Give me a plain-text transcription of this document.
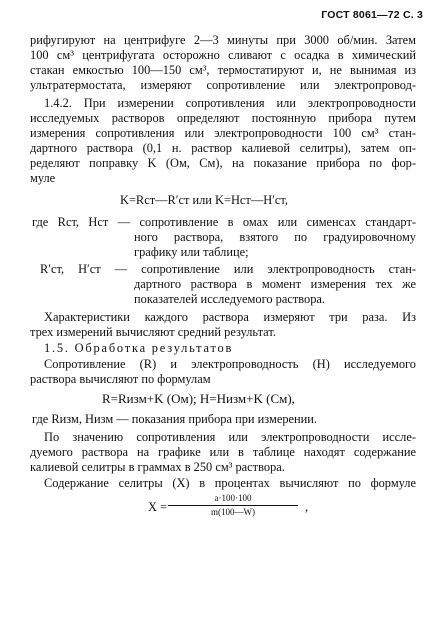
ГОСТ 8061—72 С. 3
рифугируют на центрифуге 2—3 минуты при 3000 об/мин. Затем
100 см³ центрифугата осторожно сливают с осадка в химический
стакан емкостью 100—150 см³, термостатируют и, не вынимая из
ультратермостата, измеряют сопротивление или электропровод-
1.4.2. При измерении сопротивления или электропроводности
исследуемых растворов определяют постоянную прибора путем
измерения сопротивления или электропроводности 100 см³ стан-
дартного раствора (0,1 н. раствор калиевой селитры), затем оп-
ределяют поправку K (Ом, См), на показание прибора по фор-
муле
K=Rст—R′ст или K=Hст—H′ст,
где Rст, Hст — сопротивление в омах или сименсах стандарт-
ного раствора, взятого по градуировочному
графику или таблице;
R′ст, H′ст — сопротивление или электропроводность стан-
дартного раствора в момент измерения тех же
показателей исследуемого раствора.
Характеристики каждого раствора измеряют три раза. Из
трех измерений вычисляют средний результат.
1.5. Обработка результатов
Сопротивление (R) и электропроводность (H) исследуемого
раствора вычисляют по формулам
R=Rизм+K (Ом); H=Hизм+K (См),
где Rизм, Hизм — показания прибора при измерении.
По значению сопротивления или электропроводности иссле-
дуемого раствора на графике или в таблице находят содержание
калиевой селитры в граммах в 250 см³ раствора.
Содержание селитры (X) в процентах вычисляют по формуле
$X = \frac{a\cdot 100\cdot 100}{m(100—W)}$ ,
